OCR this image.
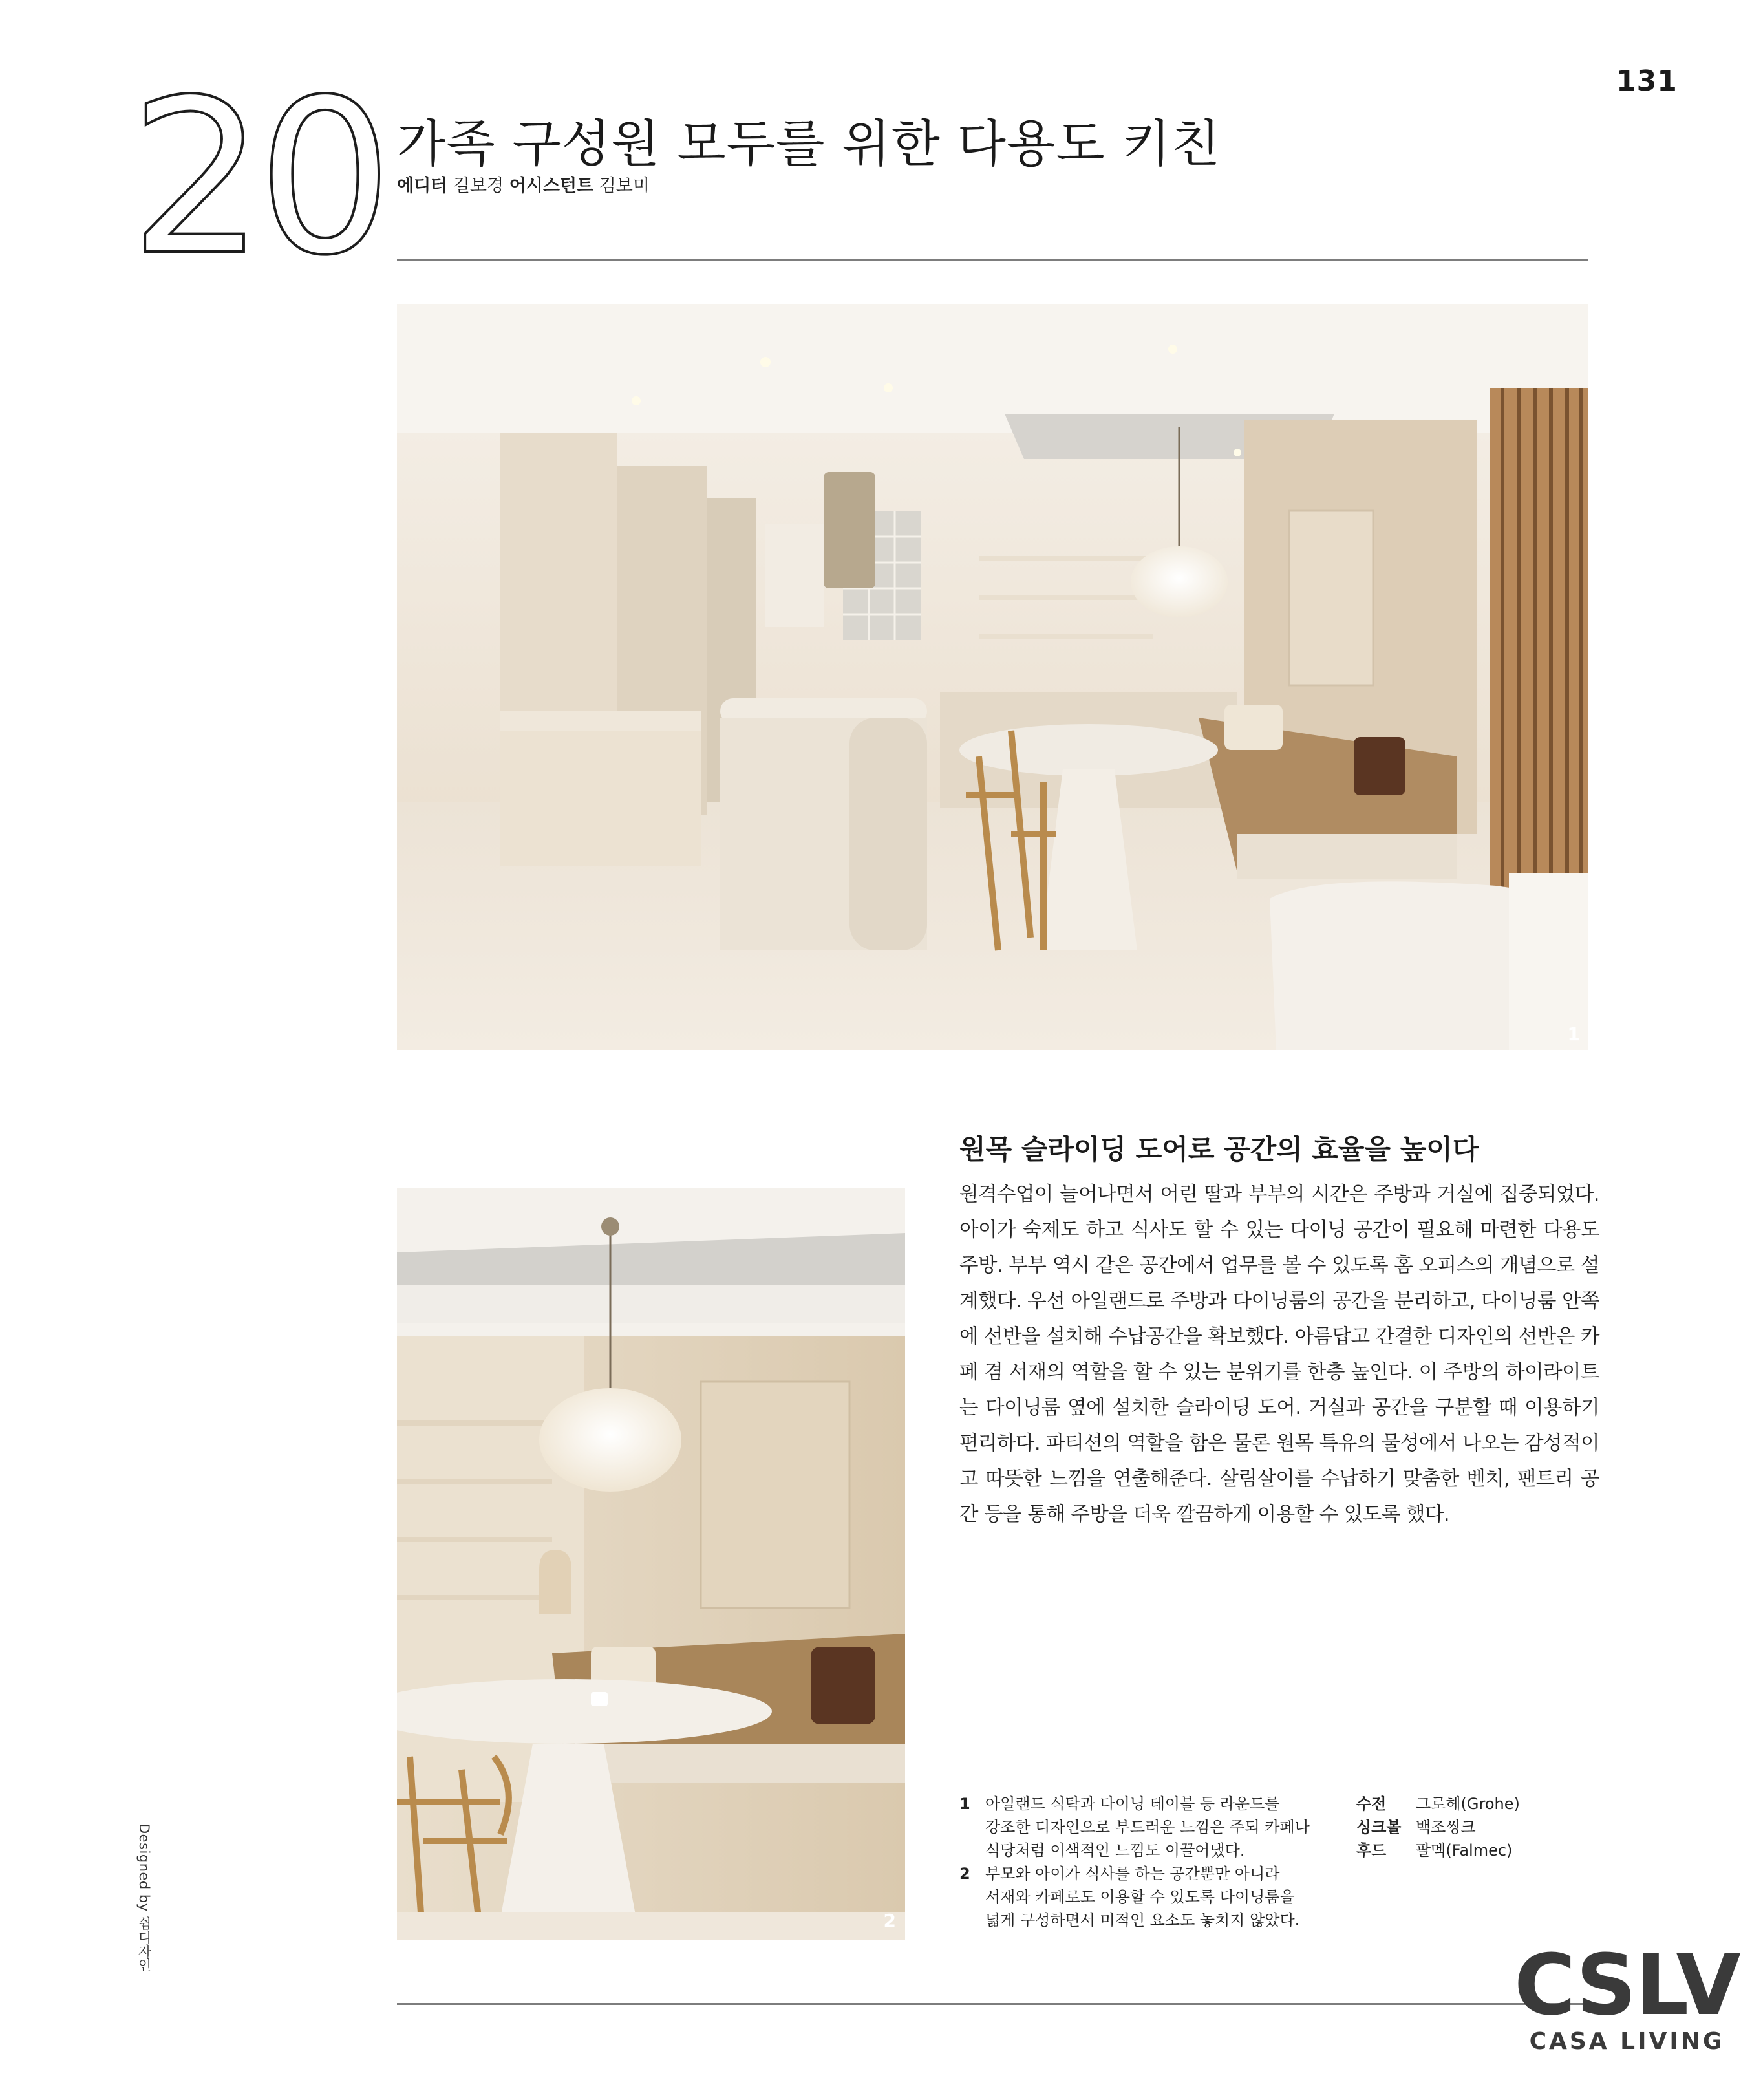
131
20 가족 구성원 모두를 위한 다용도 키친
에디터 길보경 어시스턴트 김보미
1
원목 슬라이딩 도어로 공간의 효율을 높이다

원격수업이 늘어나면서 어린 딸과 부부의 시간은 주방과 거실에 집중되었다. 아이가 숙제도 하고 식사도 할 수 있는 다이닝 공간이 필요해 마련한 다용도 주방. 부부 역시 같은 공간에서 업무를 볼 수 있도록 홈 오피스의 개념으로 설계했다. 우선 아일랜드로 주방과 다이닝룸의 공간을 분리하고, 다이닝룸 안쪽에 선반을 설치해 수납공간을 확보했다. 아름답고 간결한 디자인의 선반은 카페 겸 서재의 역할을 할 수 있는 분위기를 한층 높인다. 이 주방의 하이라이트는 다이닝룸 옆에 설치한 슬라이딩 도어. 거실과 공간을 구분할 때 이용하기 편리하다. 파티션의 역할을 함은 물론 원목 특유의 물성에서 나오는 감성적이고 따뜻한 느낌을 연출해준다. 살림살이를 수납하기 맞춤한 벤치, 팬트리 공간 등을 통해 주방을 더욱 깔끔하게 이용할 수 있도록 했다.

2
1 아일랜드 식탁과 다이닝 테이블 등 라운드를
강조한 디자인으로 부드러운 느낌은 주되 카페나
식당처럼 이색적인 느낌도 이끌어냈다.
2 부모와 아이가 식사를 하는 공간뿐만 아니라
서재와 카페로도 이용할 수 있도록 다이닝룸을
넓게 구성하면서 미적인 요소도 놓치지 않았다.
수전	그로헤(Grohe)
싱크볼 백조씽크
후드	팔멕(Falmec)
Designed by 쉼디자인
CSLV
CASA LIVING
